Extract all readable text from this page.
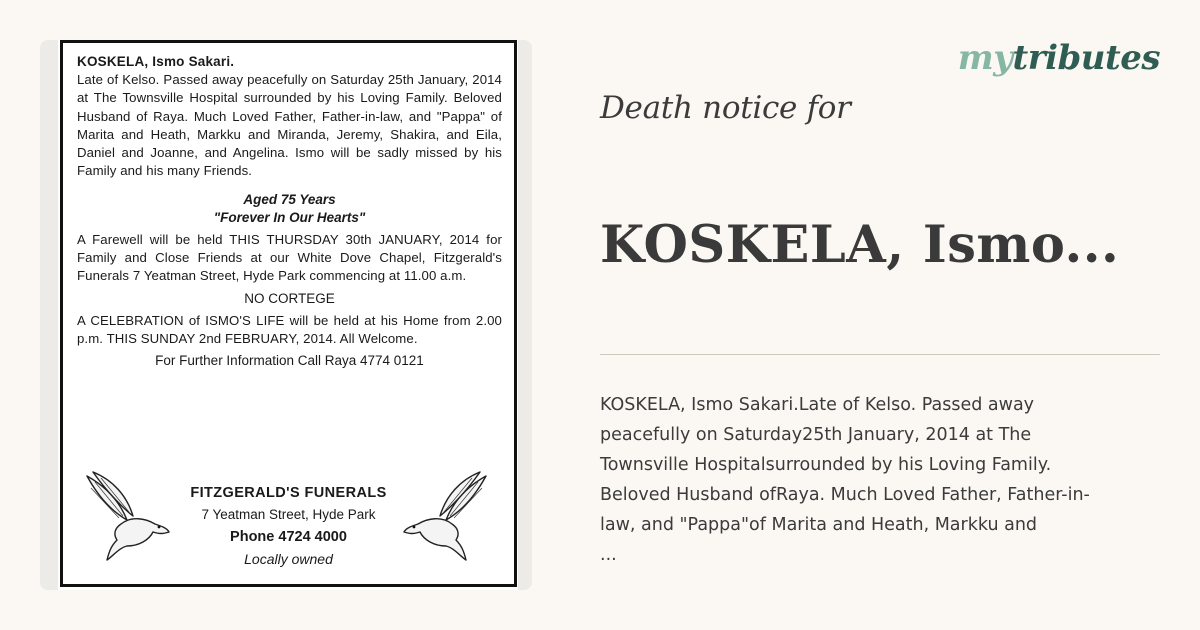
KOSKELA, Ismo Sakari.
Late of Kelso. Passed away peacefully on Saturday 25th January, 2014 at The Townsville Hospital surrounded by his Loving Family. Beloved Husband of Raya. Much Loved Father, Father-in-law, and "Pappa" of Marita and Heath, Markku and Miranda, Jeremy, Shakira, and Eila, Daniel and Joanne, and Angelina. Ismo will be sadly missed by his Family and his many Friends.
Aged 75 Years
"Forever In Our Hearts"
A Farewell will be held THIS THURSDAY 30th JANUARY, 2014 for Family and Close Friends at our White Dove Chapel, Fitzgerald's Funerals 7 Yeatman Street, Hyde Park commencing at 11.00 a.m.
NO CORTEGE
A CELEBRATION of ISMO'S LIFE will be held at his Home from 2.00 p.m. THIS SUNDAY 2nd FEBRUARY, 2014. All Welcome.
For Further Information Call Raya 4774 0121
FITZGERALD'S FUNERALS
7 Yeatman Street, Hyde Park
Phone 4724 4000
Locally owned
mytributes
Death notice for
KOSKELA, Ismo...
KOSKELA, Ismo Sakari.Late of Kelso. Passed away
peacefully on Saturday25th January, 2014 at The
Townsville Hospitalsurrounded by his Loving Family.
Beloved Husband ofRaya. Much Loved Father, Father-in-
law, and "Pappa"of Marita and Heath, Markku and
...
